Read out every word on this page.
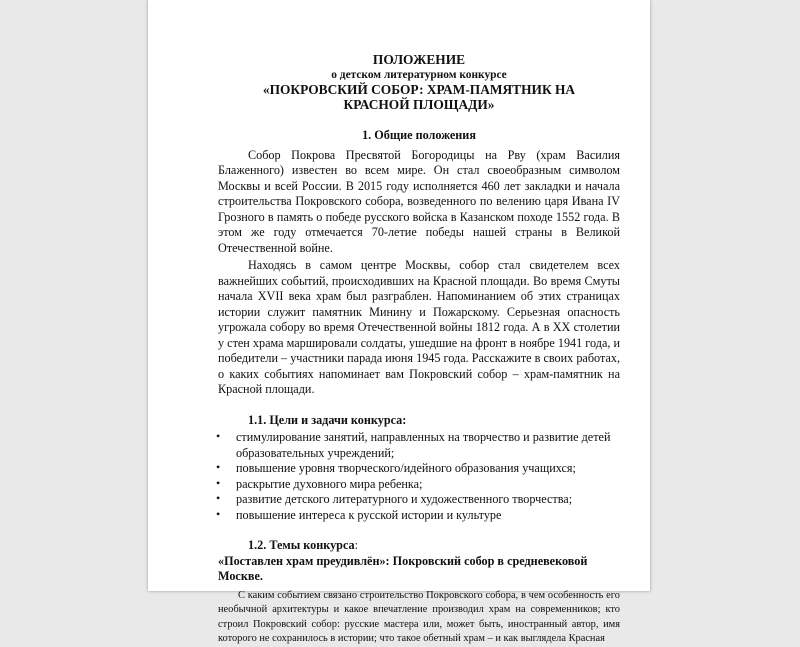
ПОЛОЖЕНИЕ
о детском литературном конкурсе
«ПОКРОВСКИЙ СОБОР: ХРАМ-ПАМЯТНИК НА КРАСНОЙ ПЛОЩАДИ»
1. Общие положения

Собор Покрова Пресвятой Богородицы на Рву (храм Василия Блаженного) известен во всем мире. Он стал своеобразным символом Москвы и всей России. В 2015 году исполняется 460 лет закладки и начала строительства Покровского собора, возведенного по велению царя Ивана IV Грозного в память о победе русского войска в Казанском походе 1552 года. В этом же году отмечается 70-летие победы нашей страны в Великой Отечественной войне.

Находясь в самом центре Москвы, собор стал свидетелем всех важнейших событий, происходивших на Красной площади. Во время Смуты начала XVII века храм был разграблен. Напоминанием об этих страницах истории служит памятник Минину и Пожарскому. Серьезная опасность угрожала собору во время Отечественной войны 1812 года. А в XX столетии у стен храма маршировали солдаты, ушедшие на фронт в ноябре 1941 года, и победители – участники парада июня 1945 года. Расскажите в своих работах, о каких событиях напоминает вам Покровский собор – храм-памятник на Красной площади.

1.1. Цели и задачи конкурса:
• стимулирование занятий, направленных на творчество и развитие детей образовательных учреждений;
• повышение уровня творческого/идейного образования учащихся;
• раскрытие духовного мира ребенка;
• развитие детского литературного и художественного творчества;
• повышение интереса к русской истории и культуре
1.2. Темы конкурса:
«Поставлен храм преудивлён»: Покровский собор в средневековой Москве.

С каким событием связано строительство Покровского собора, в чем особенность его необычной архитектуры и какое впечатление производил храм на современников; кто строил Покровский собор: русские мастера или, может быть, иностранный автор, имя которого не сохранилось в истории; что такое обетный храм – и как выглядела Красная
